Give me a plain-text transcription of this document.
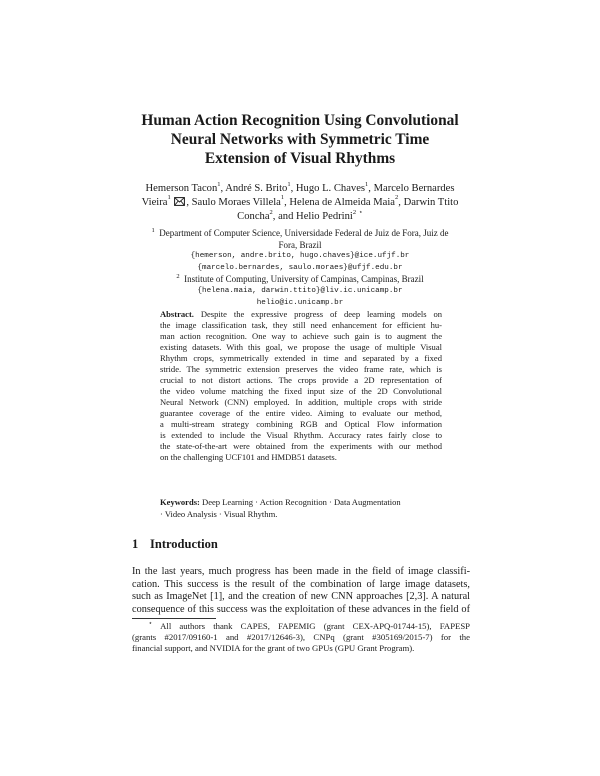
Human Action Recognition Using Convolutional
Neural Networks with Symmetric Time
Extension of Visual Rhythms
Hemerson Tacon$^1$, André S. Brito$^1$, Hugo L. Chaves$^1$, Marcelo Bernardes
Vieira$^1$ , Saulo Moraes Villela$^1$, Helena de Almeida Maia$^2$, Darwin Ttito
Concha$^2$, and Helio Pedrini$^2$ ⋆
$^1$ Department of Computer Science, Universidade Federal de Juiz de Fora, Juiz de
Fora, Brazil
{hemerson, andre.brito, hugo.chaves}@ice.ufjf.br
{marcelo.bernardes, saulo.moraes}@ufjf.edu.br
$^2$ Institute of Computing, University of Campinas, Campinas, Brazil
{helena.maia, darwin.ttito}@liv.ic.unicamp.br
helio@ic.unicamp.br
Abstract. Despite the expressive progress of deep learning models on
the image classification task, they still need enhancement for efficient hu-
man action recognition. One way to achieve such gain is to augment the
existing datasets. With this goal, we propose the usage of multiple Visual
Rhythm crops, symmetrically extended in time and separated by a fixed
stride. The symmetric extension preserves the video frame rate, which is
crucial to not distort actions. The crops provide a 2D representation of
the video volume matching the fixed input size of the 2D Convolutional
Neural Network (CNN) employed. In addition, multiple crops with stride
guarantee coverage of the entire video. Aiming to evaluate our method,
a multi-stream strategy combining RGB and Optical Flow information
is extended to include the Visual Rhythm. Accuracy rates fairly close to
the state-of-the-art were obtained from the experiments with our method
on the challenging UCF101 and HMDB51 datasets.
Keywords: Deep Learning · Action Recognition · Data Augmentation
· Video Analysis · Visual Rhythm.
1 Introduction
In the last years, much progress has been made in the field of image classifi-
cation. This success is the result of the combination of large image datasets,
such as ImageNet [1], and the creation of new CNN approaches [2,3]. A natural
consequence of this success was the exploitation of these advances in the field of
⋆ All authors thank CAPES, FAPEMIG (grant CEX-APQ-01744-15), FAPESP
(grants #2017/09160-1 and #2017/12646-3), CNPq (grant #305169/2015-7) for the
financial support, and NVIDIA for the grant of two GPUs (GPU Grant Program).
